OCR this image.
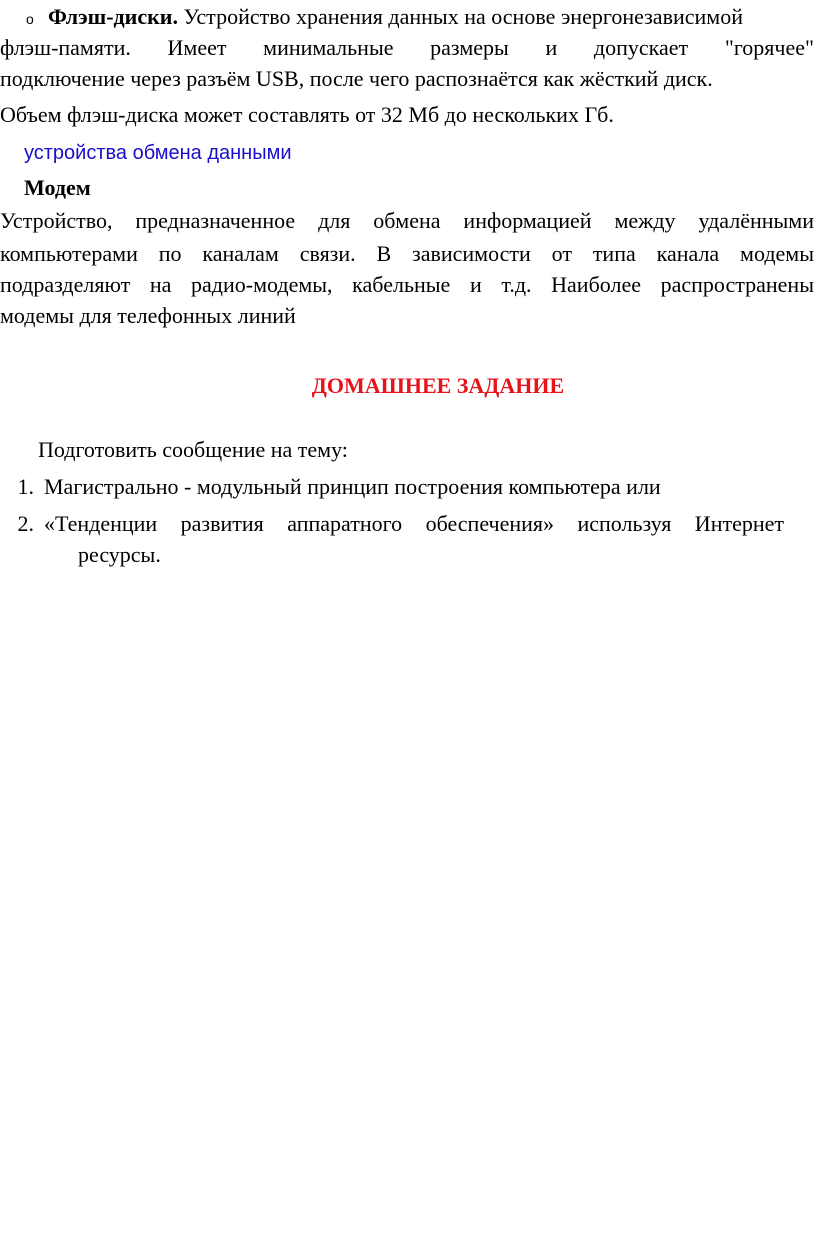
o Флэш-диски. Устройство хранения данных на основе энергонезависимой
флэш-памяти. Имеет минимальные размеры и допускает "горячее"
подключение через разъём USB, после чего распознаётся как жёсткий диск.
Объем флэш-диска может составлять от 32 Мб до нескольких Гб.
устройства обмена данными
Модем
Устройство, предназначенное для обмена информацией между удалёнными
компьютерами по каналам связи. В зависимости от типа канала модемы
подразделяют на радио-модемы, кабельные и т.д. Наиболее распространены
модемы для телефонных линий
ДОМАШНЕЕ ЗАДАНИЕ
Подготовить сообщение на тему:
1. Магистрально - модульный принцип построения компьютера или
2. «Тенденции развития аппаратного обеспечения» используя Интернет
ресурсы.
